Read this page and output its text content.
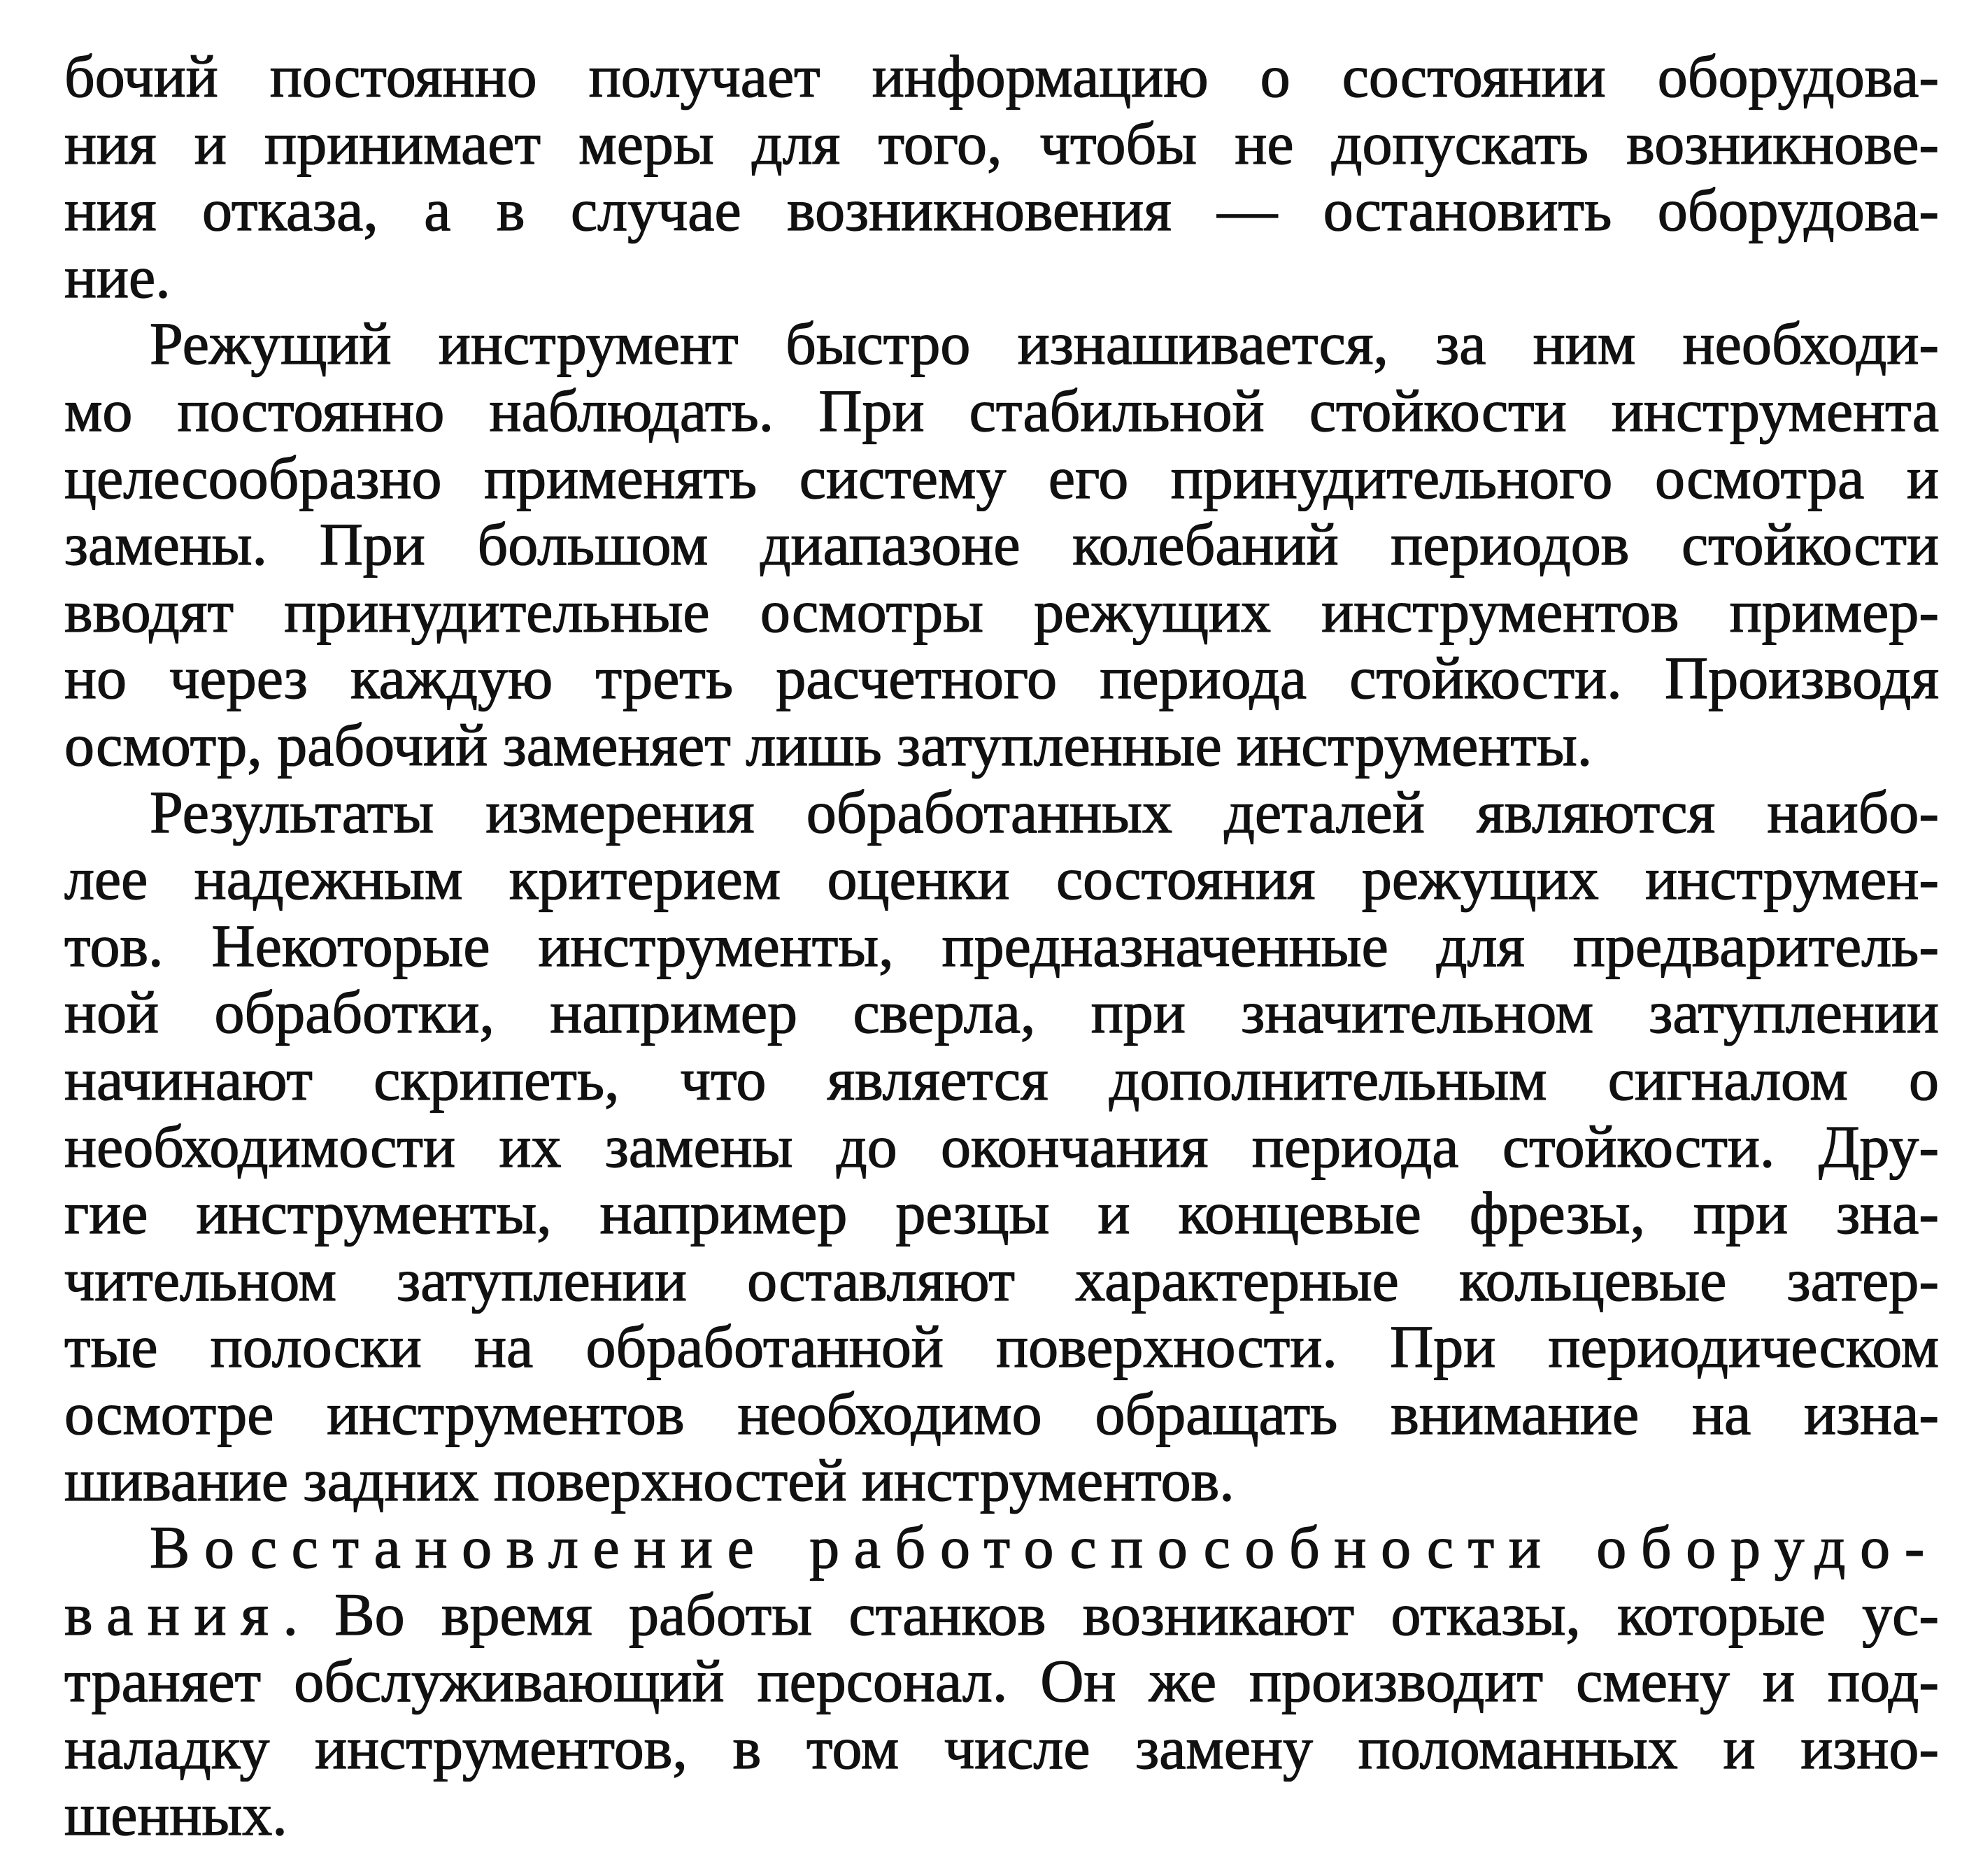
бочий постоянно получает информацию о состоянии оборудова-
ния и принимает меры для того, чтобы не допускать возникнове-
ния отказа, а в случае возникновения — остановить оборудова-
ние.
Режущий инструмент быстро изнашивается, за ним необходи-
мо постоянно наблюдать. При стабильной стойкости инструмента
целесообразно применять систему его принудительного осмотра и
замены. При большом диапазоне колебаний периодов стойкости
вводят принудительные осмотры режущих инструментов пример-
но через каждую треть расчетного периода стойкости. Производя
осмотр, рабочий заменяет лишь затупленные инструменты.
Результаты измерения обработанных деталей являются наибо-
лее надежным критерием оценки состояния режущих инструмен-
тов. Некоторые инструменты, предназначенные для предваритель-
ной обработки, например сверла, при значительном затуплении
начинают скрипеть, что является дополнительным сигналом о
необходимости их замены до окончания периода стойкости. Дру-
гие инструменты, например резцы и концевые фрезы, при зна-
чительном затуплении оставляют характерные кольцевые затер-
тые полоски на обработанной поверхности. При периодическом
осмотре инструментов необходимо обращать внимание на изна-
шивание задних поверхностей инструментов.
Восстановление работоспособности оборудо-
вания. Во время работы станков возникают отказы, которые ус-
траняет обслуживающий персонал. Он же производит смену и под-
наладку инструментов, в том числе замену поломанных и изно-
шенных.
